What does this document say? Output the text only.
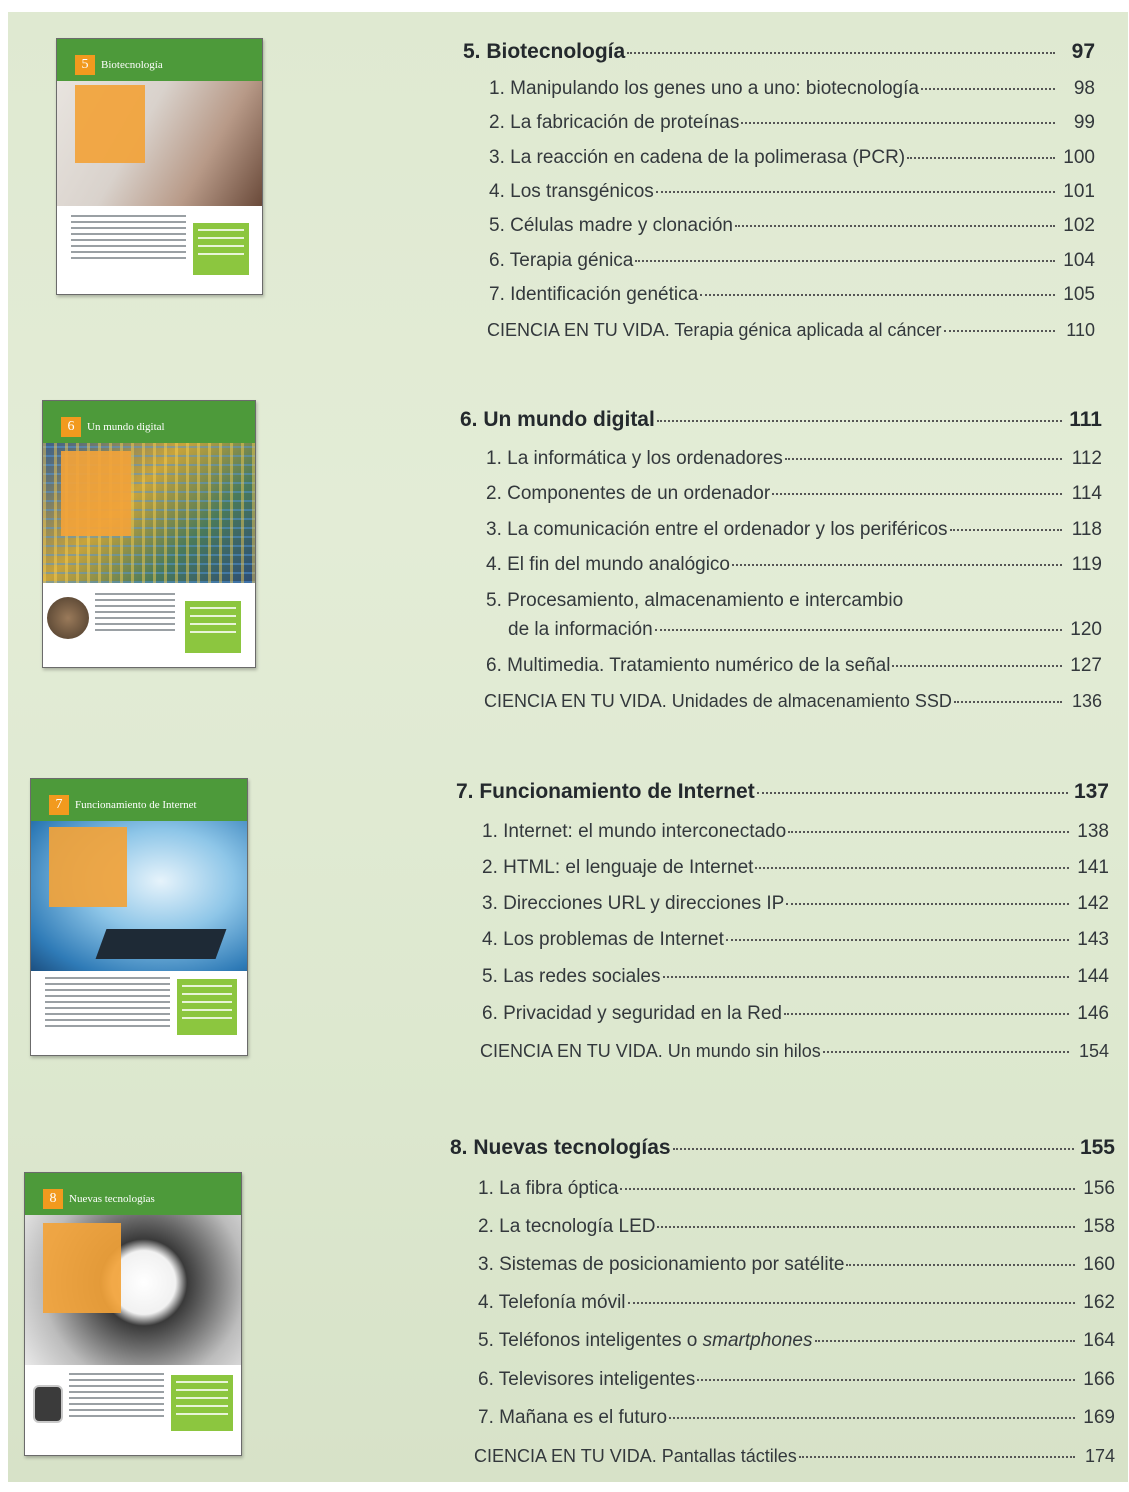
5	Biotecnología
5. Biotecnología	97
1. Manipulando los genes uno a uno: biotecnología	98
2. La fabricación de proteínas	99
3. La reacción en cadena de la polimerasa (PCR)	100
4. Los transgénicos	101
5. Células madre y clonación	102
6. Terapia génica	104
7. Identificación genética	105
CIENCIA EN TU VIDA. Terapia génica aplicada al cáncer	110
6	Un mundo digital	6. Un mundo digital	111
1. La informática y los ordenadores	112
2. Componentes de un ordenador	114
3. La comunicación entre el ordenador y los periféricos	118
4. El fin del mundo analógico	119
5. Procesamiento, almacenamiento e intercambio
de la información	120
6. Multimedia. Tratamiento numérico de la señal	127
CIENCIA EN TU VIDA. Unidades de almacenamiento SSD	136
7	Funcionamiento de Internet
7. Funcionamiento de Internet	137
1. Internet: el mundo interconectado	138
2. HTML: el lenguaje de Internet	141
3. Direcciones URL y direcciones IP	142
4. Los problemas de Internet	143
5. Las redes sociales	144
6. Privacidad y seguridad en la Red	146
CIENCIA EN TU VIDA. Un mundo sin hilos	154
8	Nuevas tecnologías
8. Nuevas tecnologías	155
1. La fibra óptica	156
2. La tecnología LED	158
3. Sistemas de posicionamiento por satélite	160
4. Telefonía móvil	162
5. Teléfonos inteligentes o smartphones	164
6. Televisores inteligentes	166
7. Mañana es el futuro	169
CIENCIA EN TU VIDA. Pantallas táctiles	174
